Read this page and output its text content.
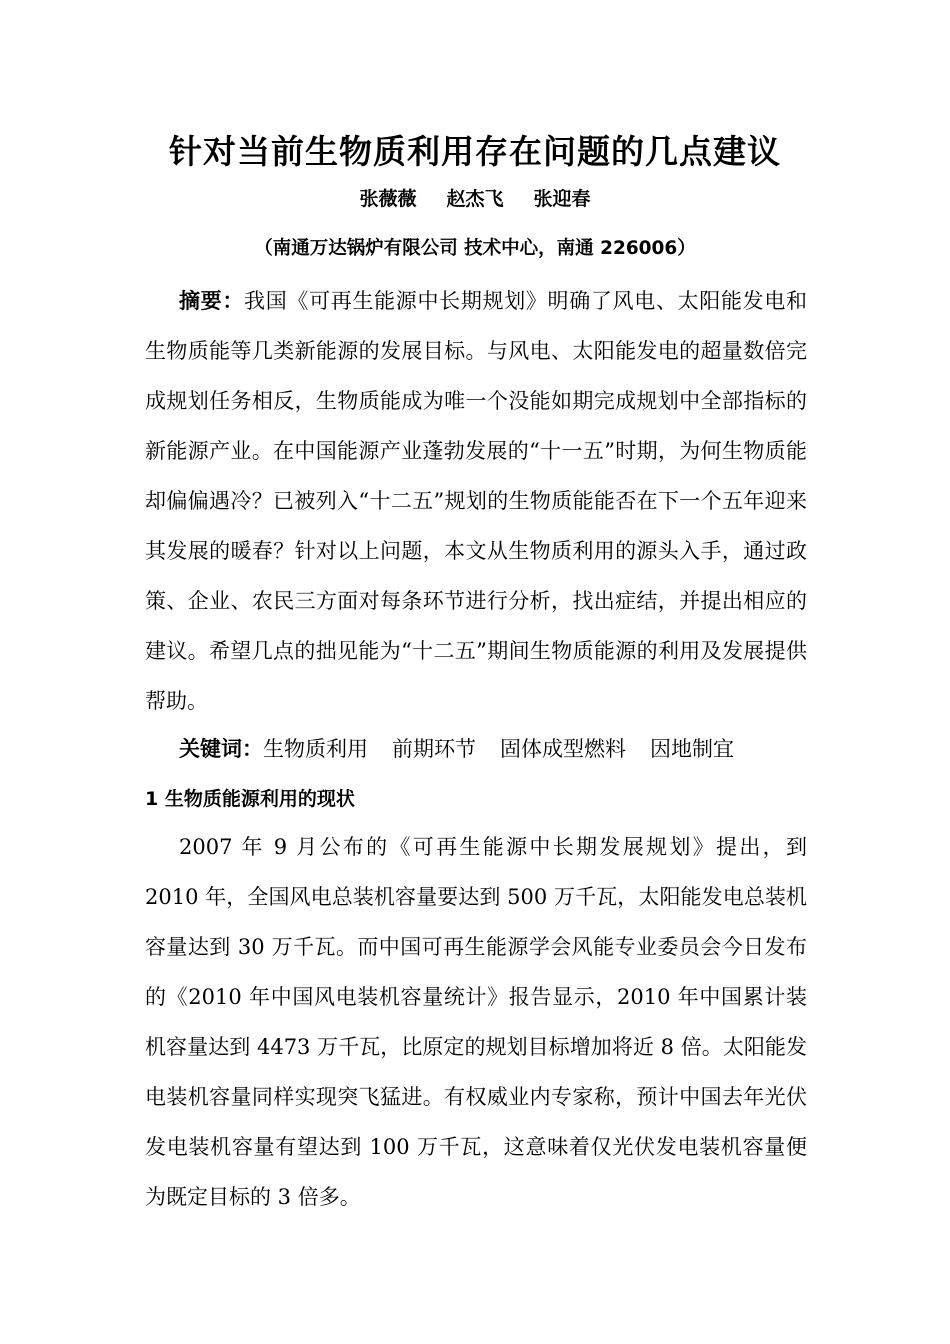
针对当前生物质利用存在问题的几点建议
张薇薇 赵杰飞 张迎春
（南通万达锅炉有限公司 技术中心，南通 226006）
摘要：我国《可再生能源中长期规划》明确了风电、太阳能发电和生物质能等几类新能源的发展目标。与风电、太阳能发电的超量数倍完成规划任务相反，生物质能成为唯一个没能如期完成规划中全部指标的新能源产业。在中国能源产业蓬勃发展的“十一五”时期，为何生物质能却偏偏遇冷？已被列入“十二五”规划的生物质能能否在下一个五年迎来其发展的暖春？针对以上问题，本文从生物质利用的源头入手，通过政策、企业、农民三方面对每条环节进行分析，找出症结，并提出相应的建议。希望几点的拙见能为“十二五”期间生物质能源的利用及发展提供帮助。
关键词：生物质利用 前期环节 固体成型燃料 因地制宜
1 生物质能源利用的现状
2007 年 9 月公布的《可再生能源中长期发展规划》提出，到 2010 年，全国风电总装机容量要达到 500 万千瓦，太阳能发电总装机容量达到 30 万千瓦。而中国可再生能源学会风能专业委员会今日发布的《2010 年中国风电装机容量统计》报告显示，2010 年中国累计装机容量达到 4473 万千瓦，比原定的规划目标增加将近 8 倍。太阳能发电装机容量同样实现突飞猛进。有权威业内专家称，预计中国去年光伏发电装机容量有望达到 100 万千瓦，这意味着仅光伏发电装机容量便为既定目标的 3 倍多。
